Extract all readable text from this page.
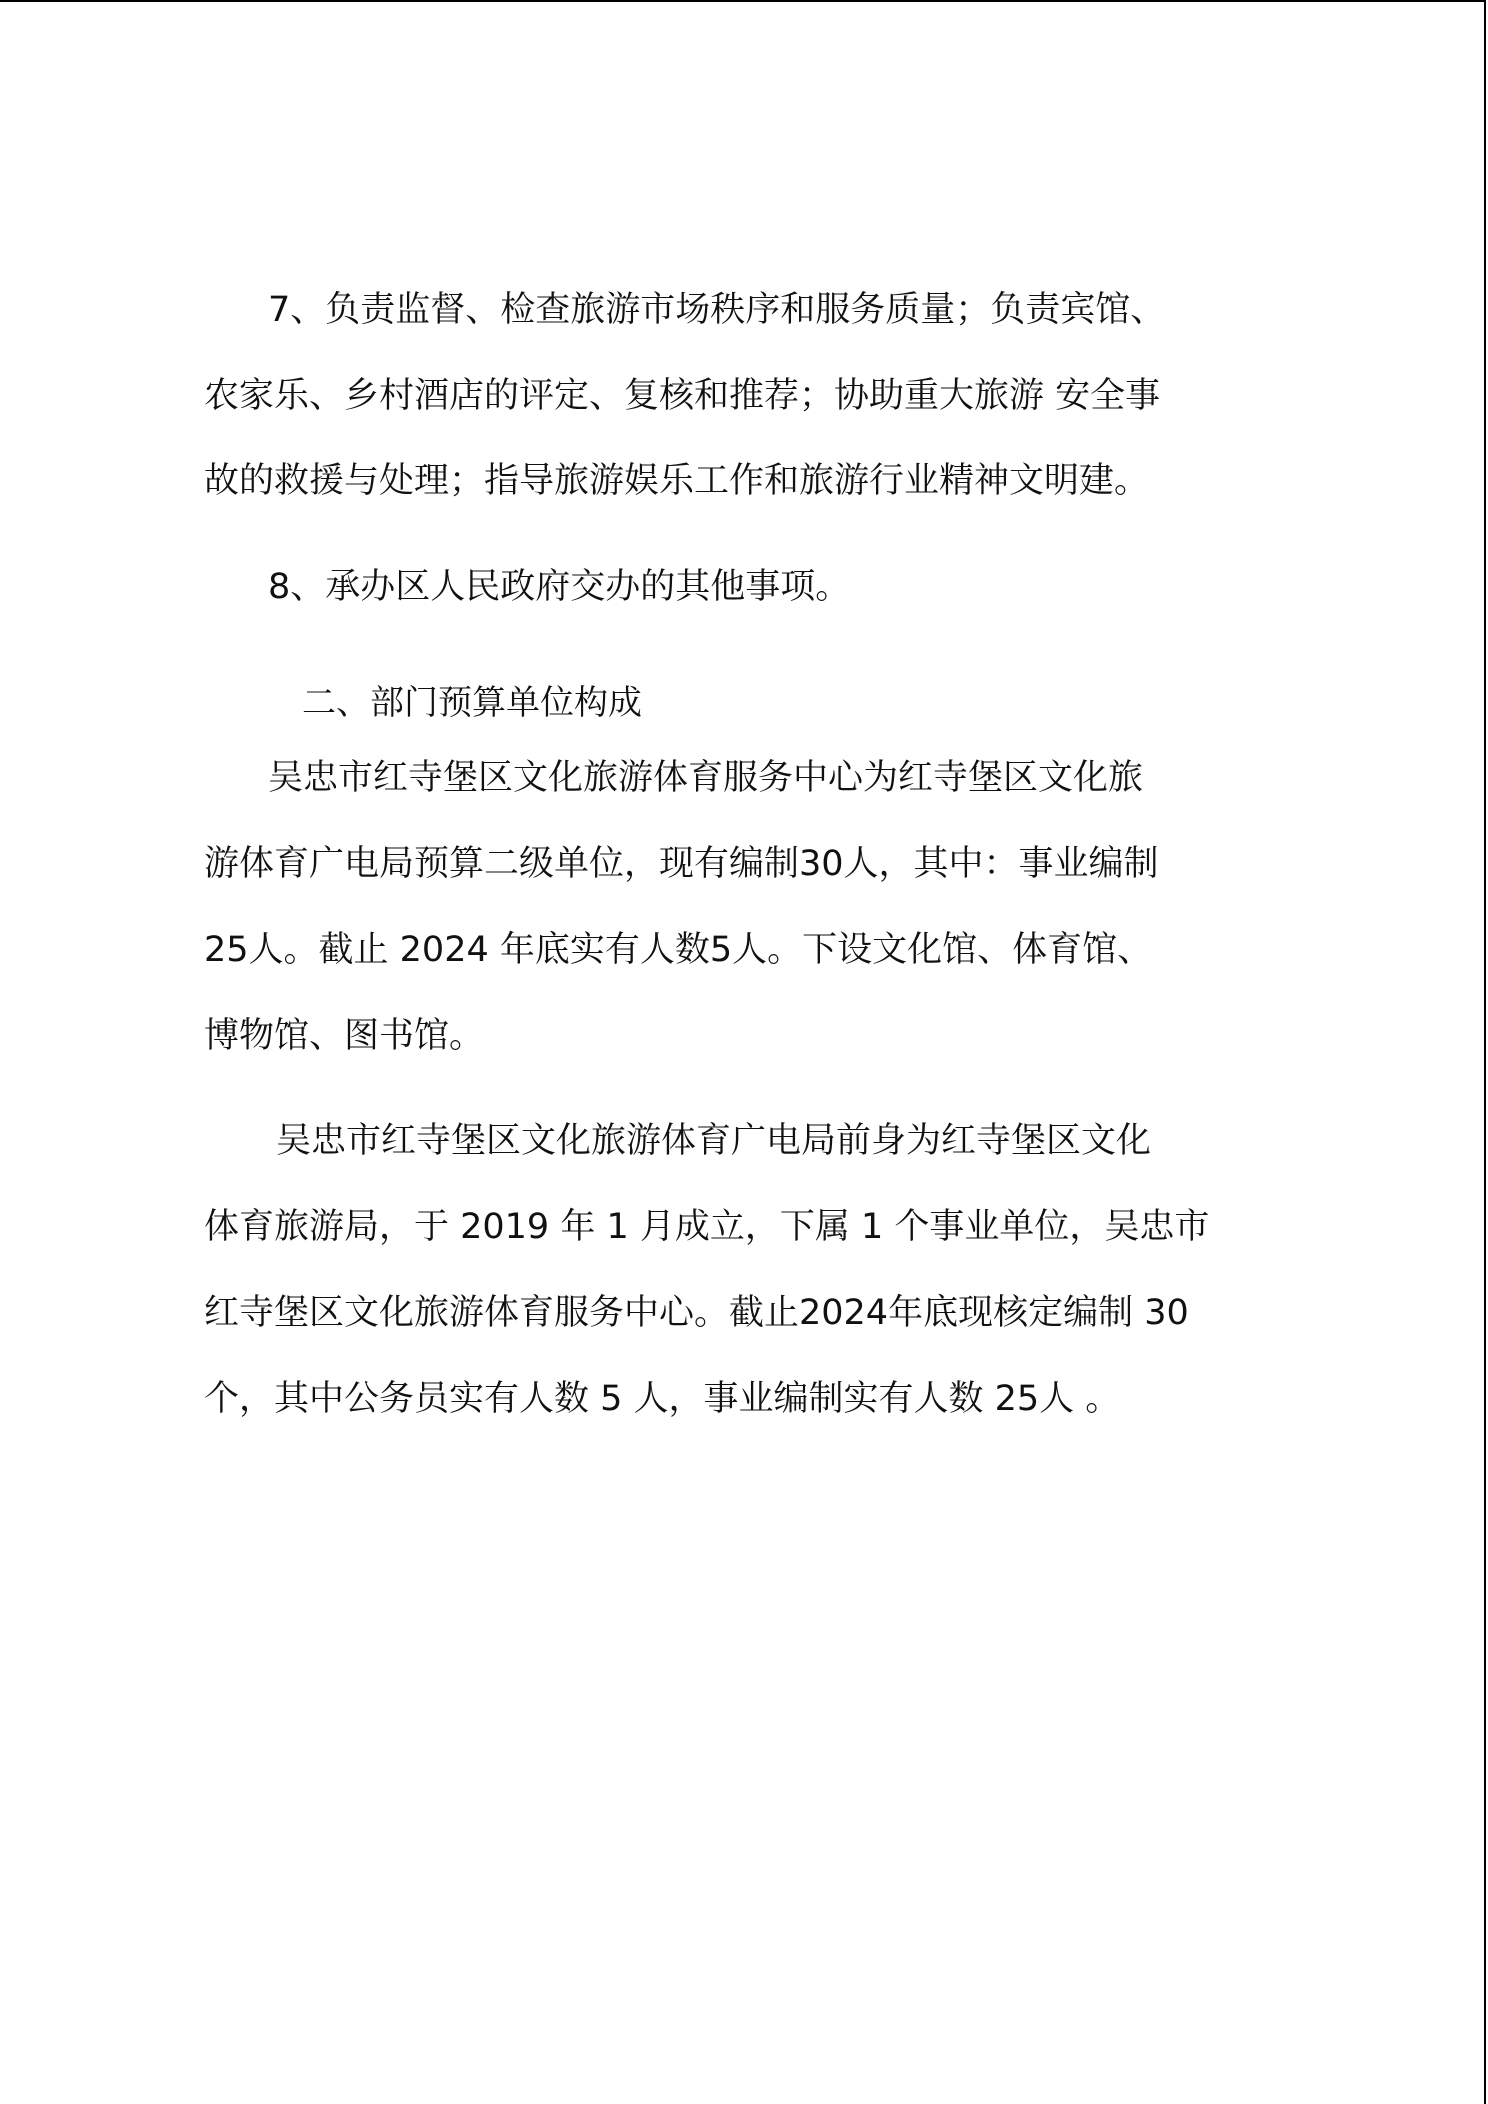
7、负责监督、检查旅游市场秩序和服务质量；负责宾馆、
农家乐、乡村酒店的评定、复核和推荐；协助重大旅游 安全事
故的救援与处理；指导旅游娱乐工作和旅游行业精神文明建。
8、承办区人民政府交办的其他事项。
二、部门预算单位构成
吴忠市红寺堡区文化旅游体育服务中心为红寺堡区文化旅
游体育广电局预算二级单位，现有编制30人，其中：事业编制
25人。截止 2024 年底实有人数5人。下设文化馆、体育馆、
博物馆、图书馆。
吴忠市红寺堡区文化旅游体育广电局前身为红寺堡区文化
体育旅游局，于 2019 年 1 月成立，下属 1 个事业单位，吴忠市
红寺堡区文化旅游体育服务中心。截止2024年底现核定编制 30
个，其中公务员实有人数 5 人，事业编制实有人数 25人 。
